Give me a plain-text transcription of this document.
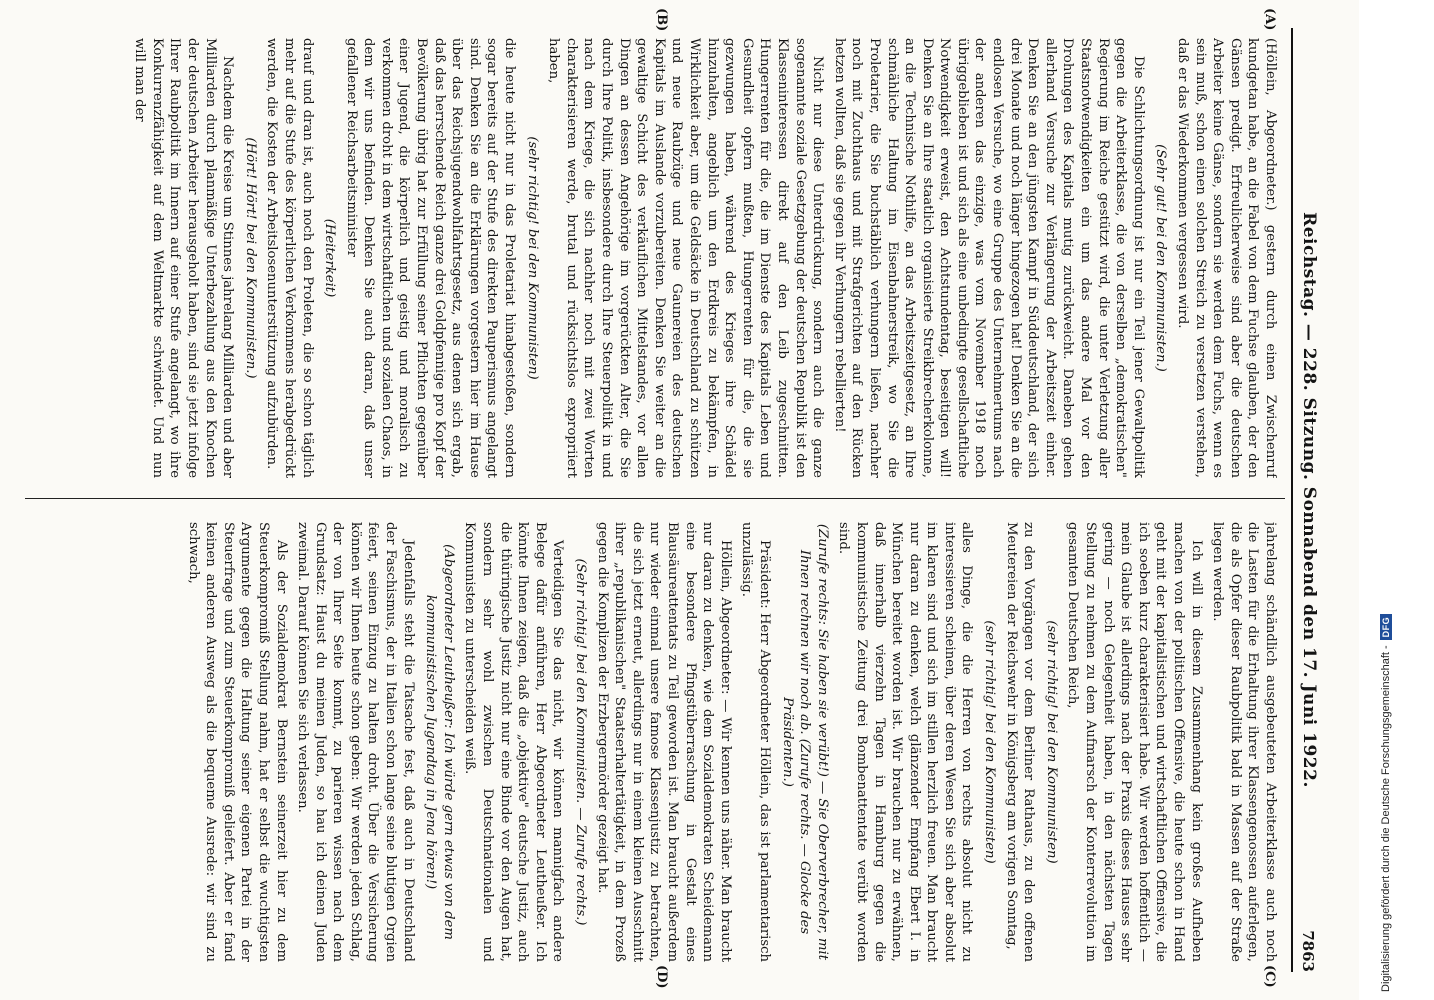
Reichstag. — 228. Sitzung. Sonnabend den 17. Juni 1922.
7863
(A)
(B)
(C)
(D)

(Höllein, Abgeordneter.) gestern durch einen Zwischenruf kundgetan habe, an die Fabel von dem Fuchse glauben, der den Gänsen predigt. Erfreulicherweise sind aber die deutschen Arbeiter keine Gänse, sondern sie werden dem Fuchs, wenn es sein muß, schon einen solchen Streich zu versetzen verstehen, daß er das Wiederkommen vergessen wird.

(Sehr gut! bei den Kommunisten.)

Die Schlichtungsordnung ist nur ein Teil jener Gewaltpolitik gegen die Arbeiterklasse, die von derselben „demokratischen" Regierung im Reiche gestützt wird, die unter Verletzung aller Staatsnotwendigkeiten ein um das andere Mal vor den Drohungen des Kapitals mutig zurückweicht. Daneben gehen allerhand Versuche zur Verlängerung der Arbeitszeit einher. Denken Sie an den jüngsten Kampf in Süddeutschland, der sich drei Monate und noch länger hingezogen hat! Denken Sie an die endlosen Versuche, wo eine Gruppe des Unternehmertums nach der anderen das einzige, was vom November 1918 noch übriggeblieben ist und sich als eine unbedingte gesellschaftliche Notwendigkeit erweist, den Achtstundentag, beseitigen will! Denken Sie an Ihre staatlich organisierte Streikbrecherkolonne, an die Technische Nothilfe, an das Arbeitszeitgesetz, an Ihre schmähliche Haltung im Eisenbahnerstreik, wo Sie die Proletarier, die Sie buchstäblich verhungern ließen, nachher noch mit Zuchthaus und mit Strafgerichten auf den Rücken hetzen wollten, daß sie gegen ihr Verhungern rebellierten!

Nicht nur diese Unterdrückung, sondern auch die ganze sogenannte soziale Gesetzgebung der deutschen Republik ist den Klasseninteressen direkt auf den Leib zugeschnitten. Hungerrenten für die, die im Dienste des Kapitals Leben und Gesundheit opfern mußten, Hungerrenten für die, die sie gezwungen haben, während des Krieges ihre Schädel hinzuhalten, angeblich um den Erdkreis zu bekämpfen, in Wirklichkeit aber, um die Geldsäcke in Deutschland zu schützen und neue Raubzüge und neue Gaunereien des deutschen Kapitals im Auslande vorzubereiten. Denken Sie weiter an die gewaltige Schicht des verkäuflichen Mittelstandes, vor allen Dingen an dessen Angehörige im vorgerückten Alter, die Sie durch Ihre Politik, insbesondere durch Ihre Steuerpolitik in und nach dem Kriege, die sich nachher noch mit zwei Worten charakterisieren werde, brutal und rücksichtslos expropriiert haben,

(sehr richtig! bei den Kommunisten)

die heute nicht nur in das Proletariat hinabgestoßen, sondern sogar bereits auf der Stufe des direkten Pauperismus angelangt sind. Denken Sie an die Erklärungen vorgestern hier im Hause über das Reichsjugendwohlfahrtsgesetz, aus denen sich ergab, daß das herrschende Reich ganze drei Goldpfennige pro Kopf der Bevölkerung übrig hat zur Erfüllung seiner Pflichten gegenüber einer Jugend, die körperlich und geistig und moralisch zu verkommen droht in dem wirtschaftlichen und sozialen Chaos, in dem wir uns befinden. Denken Sie auch daran, daß unser gefallener Reichsarbeitsminister

(Heiterkeit)

drauf und dran ist, auch noch den Proleten, die so schon täglich mehr auf die Stufe des körperlichen Verkommens herabgedrückt werden, die Kosten der Arbeitslosenunterstützung aufzubürden.

(Hört! Hört! bei den Kommunisten.)

Nachdem die Kreise um Stinnes jahrelang Milliarden und aber Milliarden durch planmäßige Unterbezahlung aus den Knochen der deutschen Arbeiter herausgeholt haben, sind sie jetzt infolge Ihrer Raubpolitik im Innern auf einer Stufe angelangt, wo ihre Konkurrenzfähigkeit auf dem Weltmarkte schwindet. Und nun will man der

jahrelang schändlich ausgebeuteten Arbeiterklasse auch noch die Lasten für die Erhaltung ihrer Klassengenossen auferlegen, die als Opfer dieser Raubpolitik bald in Massen auf der Straße liegen werden.

Ich will in diesem Zusammenhang kein großes Aufheben machen von der politischen Offensive, die heute schon in Hand geht mit der kapitalistischen und wirtschaftlichen Offensive, die ich soeben kurz charakterisiert habe. Wir werden hoffentlich — mein Glaube ist allerdings nach der Praxis dieses Hauses sehr gering — noch Gelegenheit haben, in den nächsten Tagen Stellung zu nehmen zu dem Aufmarsch der Konterrevolution im gesamten Deutschen Reich,

(sehr richtig! bei den Kommunisten)

zu den Vorgängen vor dem Berliner Rathaus, zu den offenen Meutereien der Reichswehr in Königsberg am vorigen Sonntag,

(sehr richtig! bei den Kommunisten)

alles Dinge, die die Herren von rechts absolut nicht zu interessieren scheinen, über deren Wesen Sie sich aber absolut im klaren sind und sich im stillen herzlich freuen. Man braucht nur daran zu denken, welch glänzender Empfang Ebert I. in München bereitet worden ist. Wir brauchen nur zu erwähnen, daß innerhalb vierzehn Tagen in Hamburg gegen die kommunistische Zeitung drei Bombenattentate verübt worden sind.

(Zurufe rechts: Sie haben sie verübt!) — Sie Oberverbrecher, mit Ihnen rechnen wir noch ab. (Zurufe rechts. — Glocke des Präsidenten.)

Präsident: Herr Abgeordneter Höllein, das ist parlamentarisch unzulässig.

Höllein, Abgeordneter: — Wir kennen uns näher. Man braucht nur daran zu denken, wie dem Sozialdemokraten Scheidemann eine besondere Pfingstüberraschung in Gestalt eines Blausäureattentats zu Teil geworden ist. Man braucht außerdem nur wieder einmal unsere famose Klassenjustiz zu betrachten, die sich jetzt erneut, allerdings nur in einem kleinen Ausschnitt ihrer „republikanischen" Staatserhaltertätigkeit, in dem Prozeß gegen die Komplizen der Erzbergermörder gezeigt hat.

(Sehr richtig! bei den Kommunisten. — Zurufe rechts.)

Verteidigen Sie das nicht, wir können mannigfach andere Belege dafür anführen, Herr Abgeordneter Leutheußer. Ich könnte Ihnen zeigen, daß die „objektive" deutsche Justiz, auch die thüringische Justiz nicht nur eine Binde vor den Augen hat, sondern sehr wohl zwischen Deutschnationalen und Kommunisten zu unterscheiden weiß.

(Abgeordneter Leutheußer: Ich würde gern etwas von dem kommunistischen Jugendtag in Jena hören!)

Jedenfalls steht die Tatsache fest, daß auch in Deutschland der Faschismus, der in Italien schon lange seine blutigen Orgien feiert, seinen Einzug zu halten droht. Über die Versicherung können wir Ihnen heute schon geben: Wir werden jeden Schlag, der von Ihrer Seite kommt, zu parieren wissen nach dem Grundsatz: Haust du meinen Juden, so hau ich deinen Juden zweimal. Darauf können Sie sich verlassen.

Als der Sozialdemokrat Bernstein seinerzeit hier zu dem Steuerkompromiß Stellung nahm, hat er selbst die wuchtigsten Argumente gegen die Haltung seiner eigenen Partei in der Steuerfrage und zum Steuerkompromiß geliefert. Aber er fand keinen anderen Ausweg als die bequeme Ausrede: wir sind zu schwach,

Digitalisierung gefördert durch die Deutsche Forschungsgemeinschaft -
DFG
